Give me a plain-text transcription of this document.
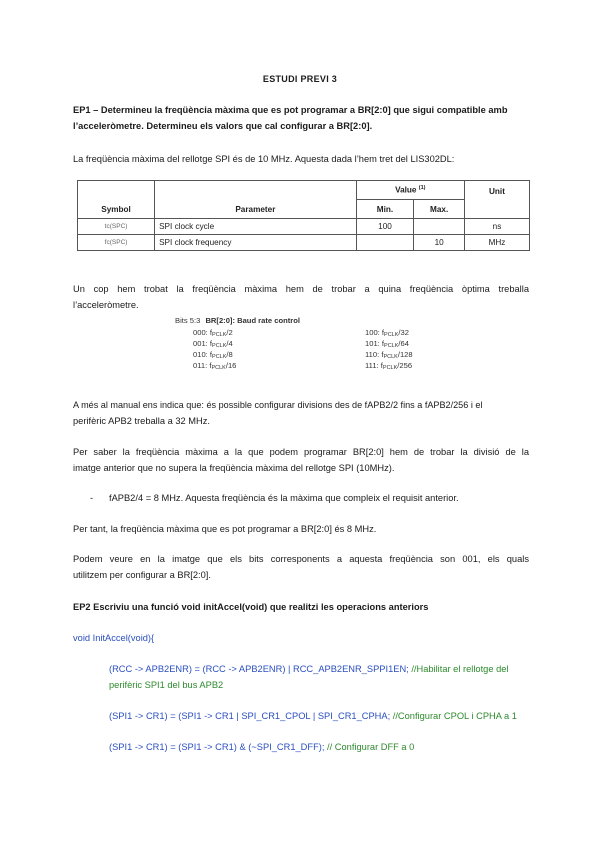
ESTUDI PREVI 3
EP1 – Determineu la freqüència màxima que es pot programar a BR[2:0] que sigui compatible amb
l’acceleròmetre. Determineu els valors que cal configurar a BR[2:0].
La freqüència màxima del rellotge SPI és de 10 MHz. Aquesta dada l’hem tret del LIS302DL:
Symbol	Parameter	Value $^{(1)}$		Unit
		Min.	Max.	
tc(SPC)	SPI clock cycle	100		ns
fc(SPC)	SPI clock frequency		10	MHz
Un cop hem trobat la freqüència màxima hem de trobar a quina freqüència òptima treballa
l’acceleròmetre.
Bits 5:3 BR[2:0]: Baud rate control
000: $f_{PCLK}/2$
001: $f_{PCLK}/4$
010: $f_{PCLK}/8$
011: $f_{PCLK}/16$
100: $f_{PCLK}/32$
101: $f_{PCLK}/64$
110: $f_{PCLK}/128$
111: $f_{PCLK}/256$
A més al manual ens indica que: és possible configurar divisions des de fAPB2/2 fins a fAPB2/256 i el
perifèric APB2 treballa a 32 MHz.
Per saber la freqüència màxima a la que podem programar BR[2:0] hem de trobar la divisió de la
imatge anterior que no supera la freqüència màxima del rellotge SPI (10MHz).
- fAPB2/4 = 8 MHz. Aquesta freqüència és la màxima que compleix el requisit anterior.
Per tant, la freqüència màxima que es pot programar a BR[2:0] és 8 MHz.
Podem veure en la imatge que els bits corresponents a aquesta freqüència son 001, els quals
utilitzem per configurar a BR[2:0].
EP2 Escriviu una funció void initAccel(void) que realitzi les operacions anteriors
void InitAccel(void){
(RCC -> APB2ENR) = (RCC -> APB2ENR) | RCC_APB2ENR_SPPI1EN; //Habilitar el rellotge del
perifèric SPI1 del bus APB2
(SPI1 -> CR1) = (SPI1 -> CR1 | SPI_CR1_CPOL | SPI_CR1_CPHA; //Configurar CPOL i CPHA a 1
(SPI1 -> CR1) = (SPI1 -> CR1) & (~SPI_CR1_DFF); // Configurar DFF a 0
